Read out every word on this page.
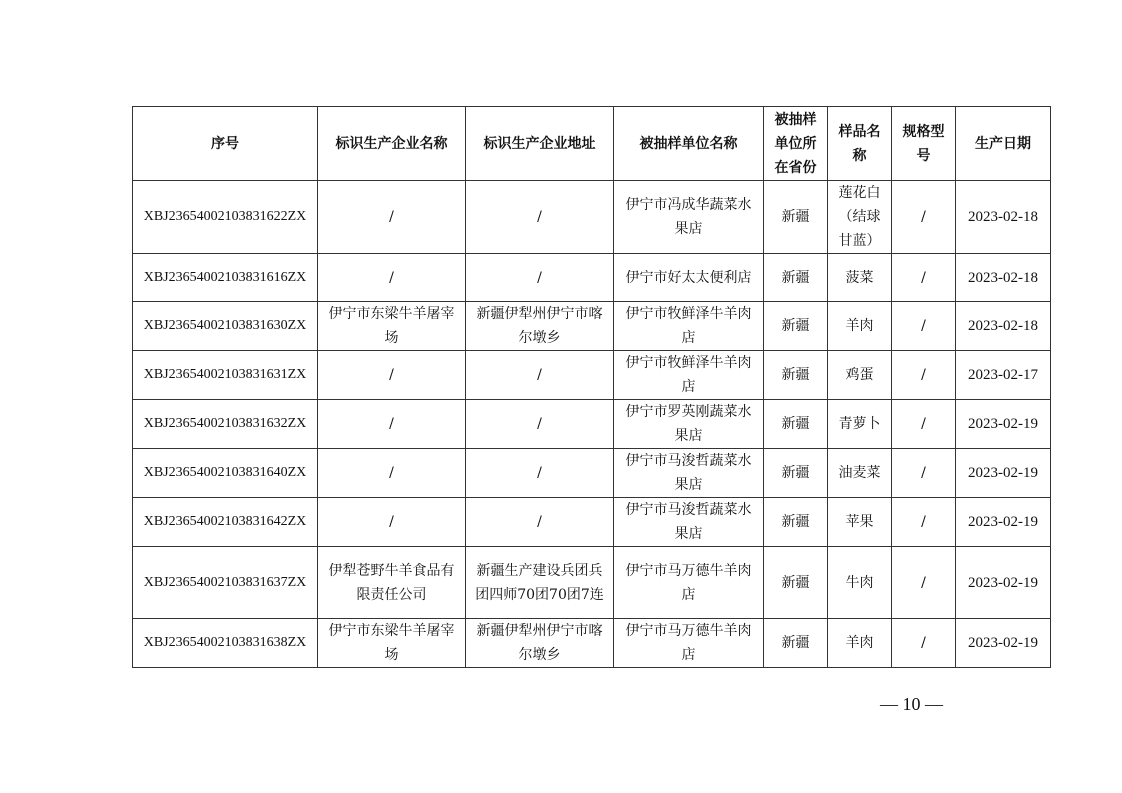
序号	标识生产企业名称	标识生产企业地址	被抽样单位名称	被抽样单位所在省份	样品名称	规格型号	生产日期
XBJ23654002103831622ZX	/	/	伊宁市冯成华蔬菜水果店	新疆	莲花白（结球甘蓝）	/	2023-02-18
XBJ23654002103831616ZX	/	/	伊宁市好太太便利店	新疆	菠菜	/	2023-02-18
XBJ23654002103831630ZX	伊宁市东梁牛羊屠宰场	新疆伊犁州伊宁市喀尔墩乡	伊宁市牧鲜泽牛羊肉店	新疆	羊肉	/	2023-02-18
XBJ23654002103831631ZX	/	/	伊宁市牧鲜泽牛羊肉店	新疆	鸡蛋	/	2023-02-17
XBJ23654002103831632ZX	/	/	伊宁市罗英刚蔬菜水果店	新疆	青萝卜	/	2023-02-19
XBJ23654002103831640ZX	/	/	伊宁市马浚哲蔬菜水果店	新疆	油麦菜	/	2023-02-19
XBJ23654002103831642ZX	/	/	伊宁市马浚哲蔬菜水果店	新疆	苹果	/	2023-02-19
XBJ23654002103831637ZX	伊犁苍野牛羊食品有限责任公司	新疆生产建设兵团兵团四师70团70团7连	伊宁市马万德牛羊肉店	新疆	牛肉	/	2023-02-19
XBJ23654002103831638ZX	伊宁市东梁牛羊屠宰场	新疆伊犁州伊宁市喀尔墩乡	伊宁市马万德牛羊肉店	新疆	羊肉	/	2023-02-19
— 10 —
